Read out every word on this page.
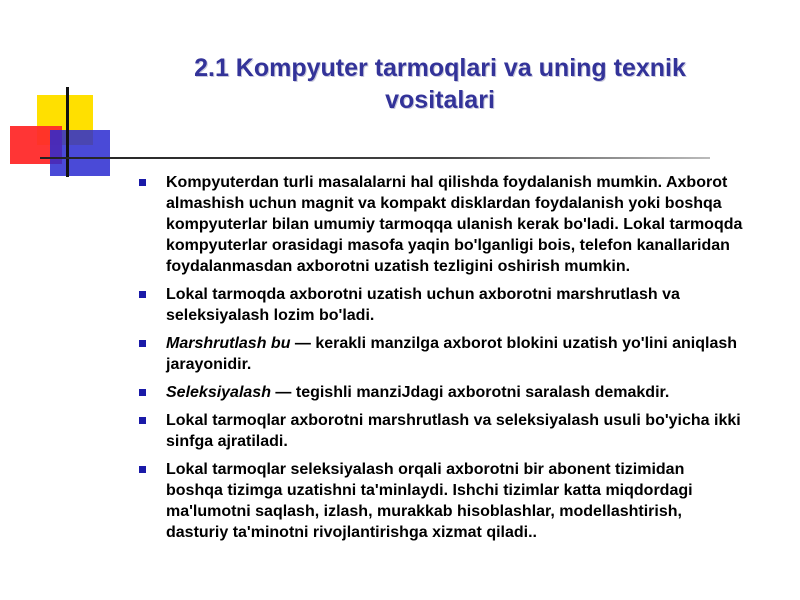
2.1 Kompyuter tarmoqlari va uning texnik
vositalari
Kompyuterdan turli masalalarni hal qilishda foydalanish mumkin. Axborot almashish uchun magnit va kompakt disklardan foydalanish yoki boshqa kompyuterlar bilan umumiy tarmoqqa ulanish kerak bo'ladi. Lokal tarmoqda kompyuterlar orasidagi masofa yaqin bo'lganligi bois, telefon kanallaridan foydalanmasdan axborotni uzatish tezligini oshirish mumkin.
Lokal tarmoqda axborotni uzatish uchun axborotni marshrutlash va seleksiyalash lozim bo'ladi.
Marshrutlash bu — kerakli manzilga axborot blokini uzatish yo'lini aniqlash jarayonidir.
Seleksiyalash — tegishli manziJdagi axborotni saralash demakdir.
Lokal tarmoqlar axborotni marshrutlash va seleksiyalash usuli bo'yicha ikki sinfga ajratiladi.
Lokal tarmoqlar seleksiyalash orqali axborotni bir abonent tizimidan boshqa tizimga uzatishni ta'minlaydi. Ishchi tizimlar katta miqdordagi ma'lumotni saqlash, izlash, murakkab hisoblashlar, modellashtirish, dasturiy ta'minotni rivojlantirishga xizmat qiladi..
